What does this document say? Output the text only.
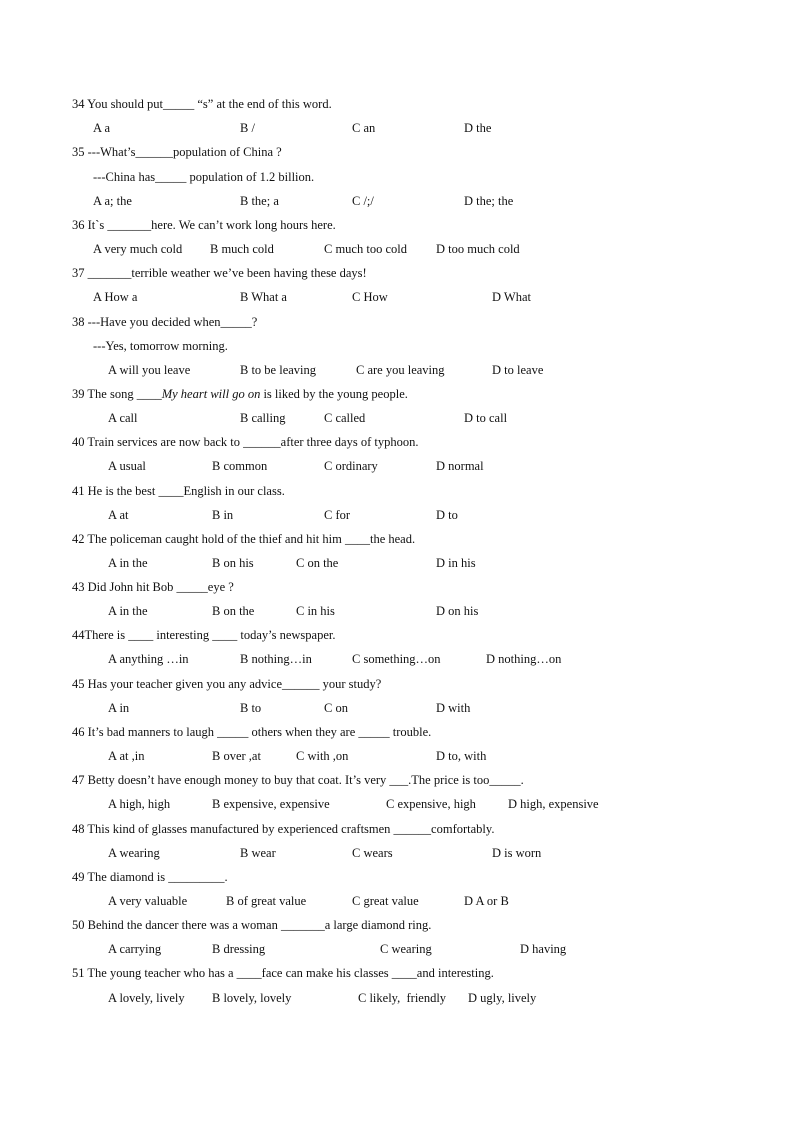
34 You should put_____ “s” at the end of this word.
A a	B /	C an	D the
35 ---What’s______population of China ?
---China has_____ population of 1.2 billion.
A a; the	B the; a	C /;/	D the; the
36 It`s _______here. We can’t work long hours here.
A very much cold B much cold	C much too cold D too much cold
37 _______terrible weather we’ve been having these days!
A How a	B What a	C How	D What
38 ---Have you decided when_____?
---Yes, tomorrow morning.
A will you leave	B to be leaving	C are you leaving	D to leave
39 The song ____My heart will go on is liked by the young people.
A call	B calling	C called	D to call
40 Train services are now back to ______after three days of typhoon.
A usual	B common	C ordinary	D normal
41 He is the best ____English in our class.
A at	B in	C for	D to
42 The policeman caught hold of the thief and hit him ____the head.
A in the	B on his	C on the	D in his
43 Did John hit Bob _____eye ?
A in the	B on the	C in his	D on his
44There is ____ interesting ____ today’s newspaper.
A anything …in	B nothing…in	C something…on	D nothing…on
45 Has your teacher given you any advice______ your study?
A in	B to	C on	D with
46 It’s bad manners to laugh _____ others when they are _____ trouble.
A at ,in	B over ,at	C with ,on	D to, with
47 Betty doesn’t have enough money to buy that coat. It’s very ___.The price is too_____.
A high, high	B expensive, expensive	C expensive, high	D high, expensive
48 This kind of glasses manufactured by experienced craftsmen ______comfortably.
A wearing	B wear	C wears	D is worn
49 The diamond is _________.
A very valuable	B of great value	C great value	D A or B
50 Behind the dancer there was a woman _______a large diamond ring.
A carrying	B dressing	C wearing	D having
51 The young teacher who has a ____face can make his classes ____and interesting.
A lovely, lively B lovely, lovely	C likely,  friendly D ugly, lively
